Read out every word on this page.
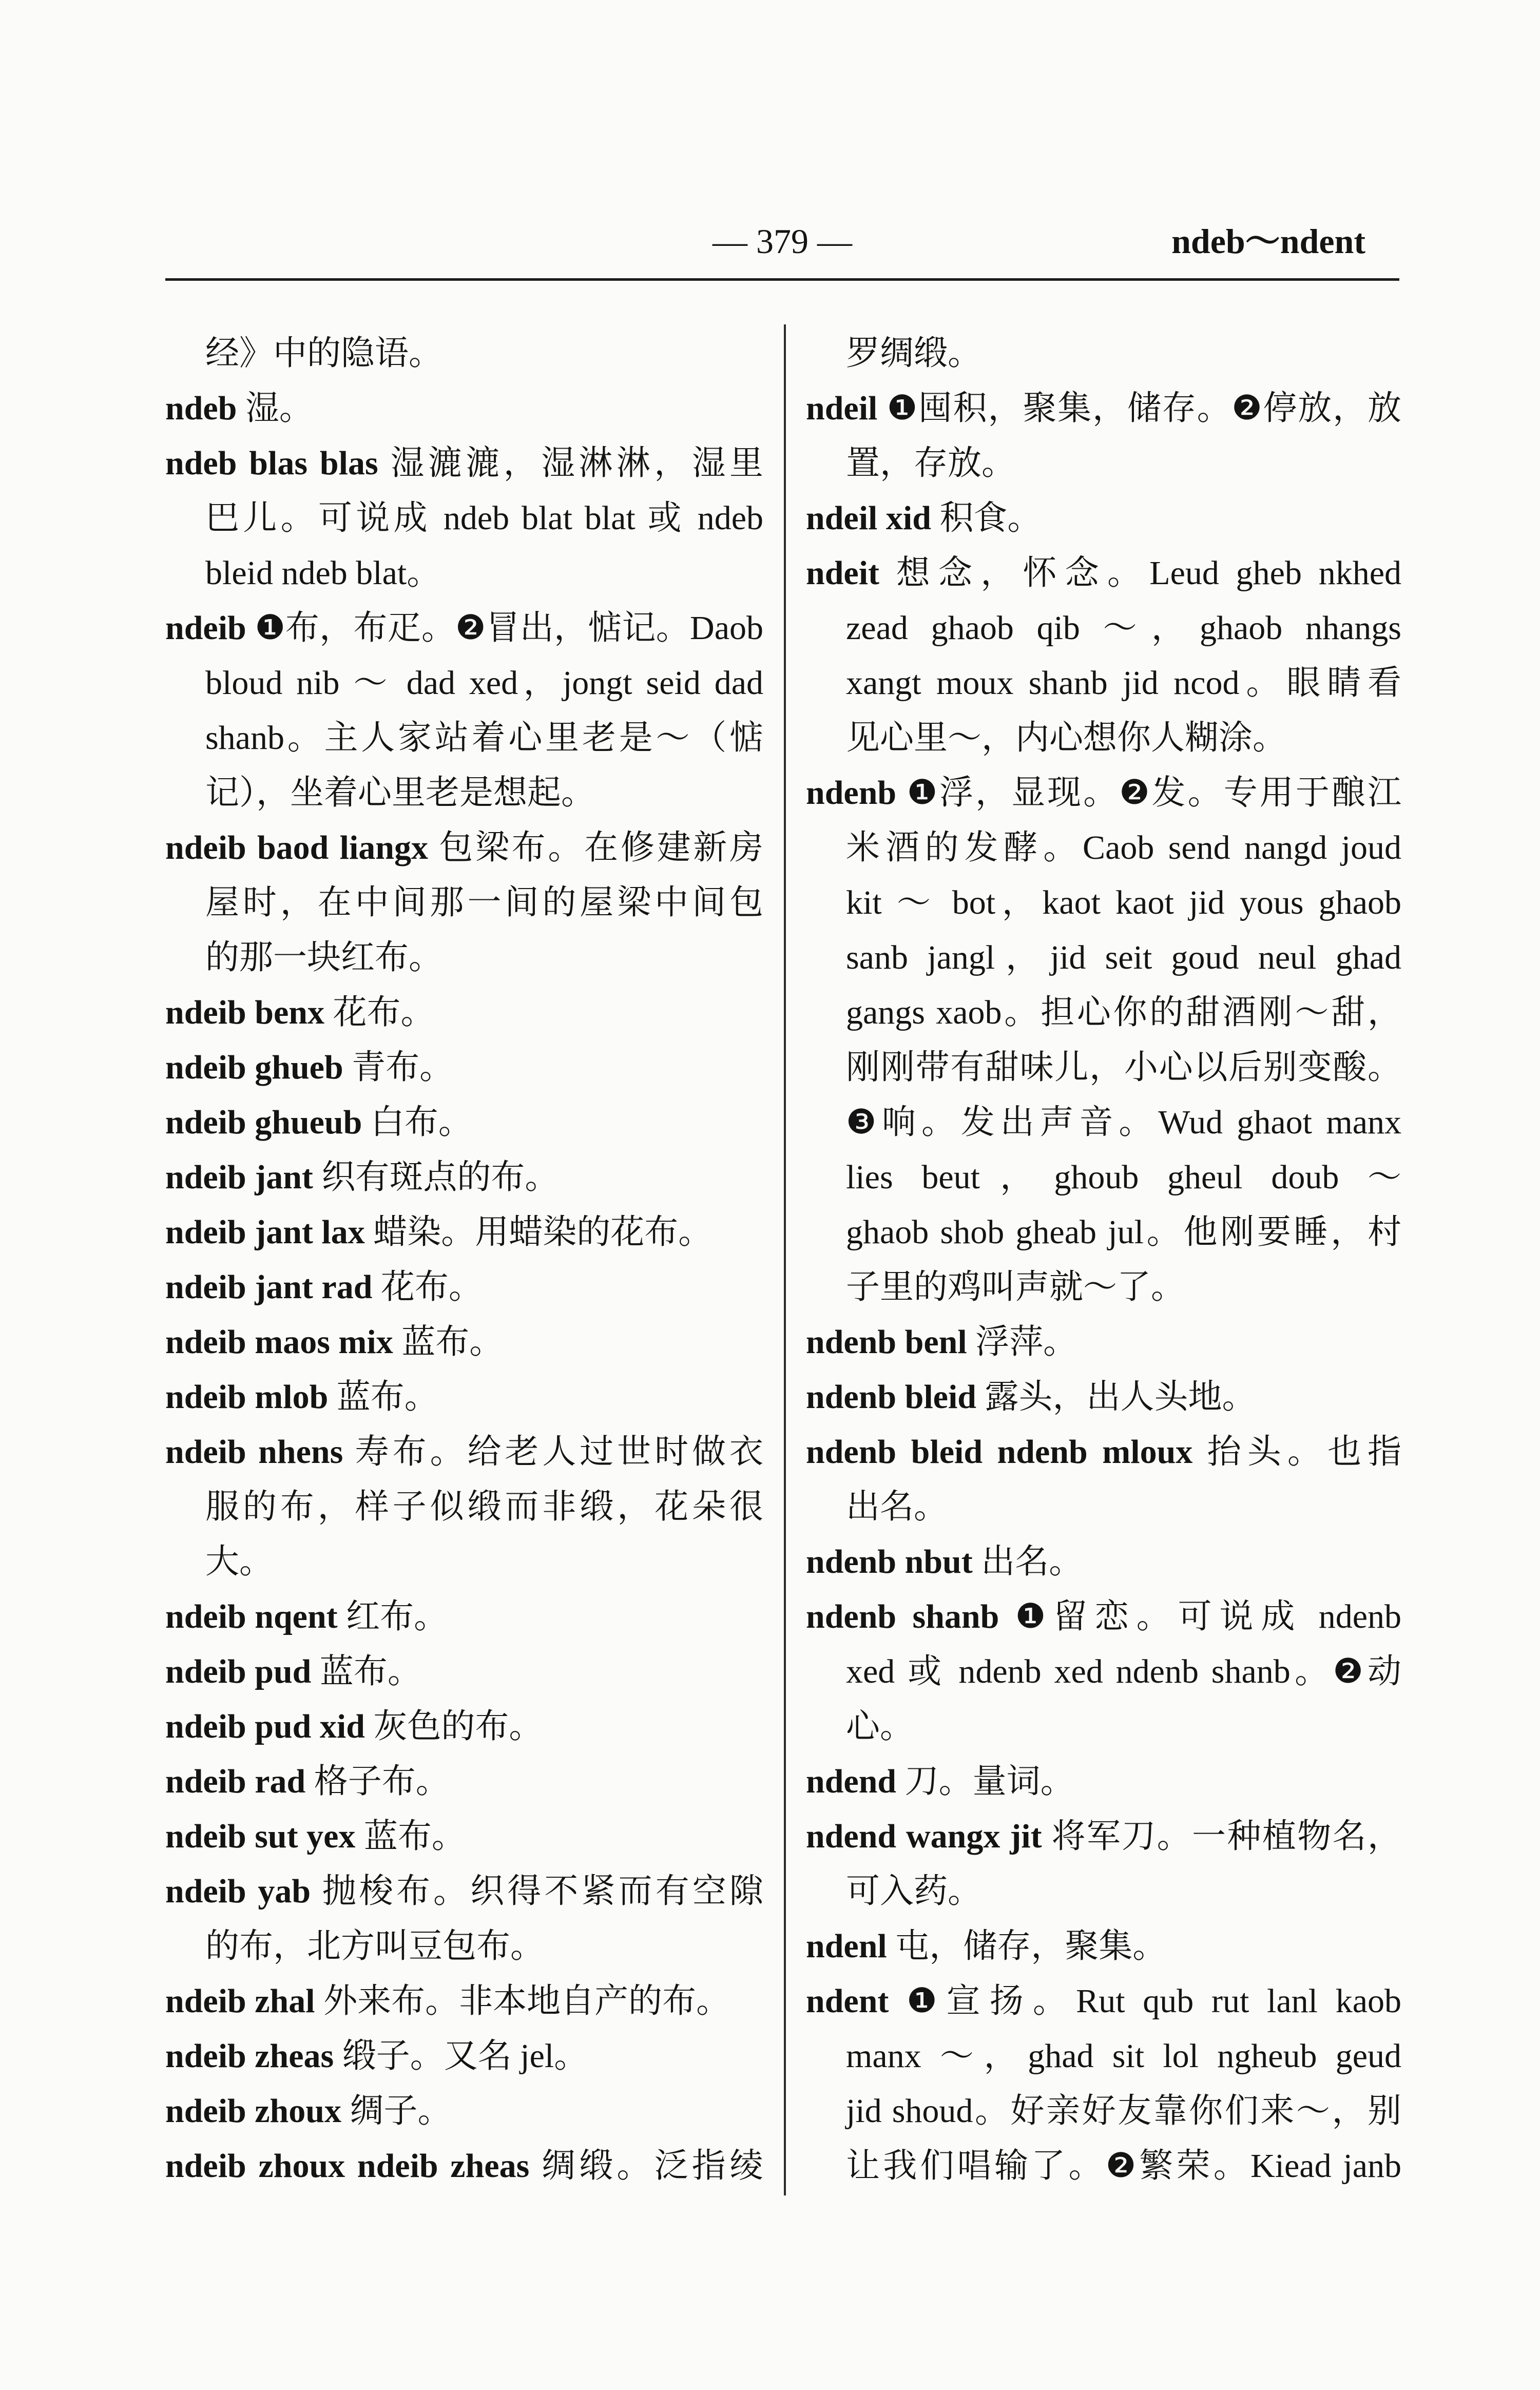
— 379 —	ndeb～ndent
经》中的隐语。
ndeb 湿。
ndeb blas blas 湿漉漉，湿淋淋，湿里
巴儿。可说成 ndeb blat blat 或 ndeb
bleid ndeb blat。
ndeib ❶布，布疋。❷冒出，惦记。Daob
bloud nib ～ dad xed，jongt seid dad
shanb。主人家站着心里老是～（惦
记），坐着心里老是想起。
ndeib baod liangx 包梁布。在修建新房
屋时，在中间那一间的屋梁中间包
的那一块红布。
ndeib benx 花布。
ndeib ghueb 青布。
ndeib ghueub 白布。
ndeib jant 织有斑点的布。
ndeib jant lax 蜡染。用蜡染的花布。
ndeib jant rad 花布。
ndeib maos mix 蓝布。
ndeib mlob 蓝布。
ndeib nhens 寿布。给老人过世时做衣
服的布，样子似缎而非缎，花朵很
大。
ndeib nqent 红布。
ndeib pud 蓝布。
ndeib pud xid 灰色的布。
ndeib rad 格子布。
ndeib sut yex 蓝布。
ndeib yab 抛梭布。织得不紧而有空隙
的布，北方叫豆包布。
ndeib zhal 外来布。非本地自产的布。
ndeib zheas 缎子。又名 jel。
ndeib zhoux 绸子。
ndeib zhoux ndeib zheas 绸缎。泛指绫
罗绸缎。
ndeil ❶囤积，聚集，储存。❷停放，放
置，存放。
ndeil xid 积食。
ndeit 想念，怀念。Leud gheb nkhed
zead ghaob qib ～，ghaob nhangs
xangt moux shanb jid ncod。眼睛看
见心里～，内心想你人糊涂。
ndenb ❶浮，显现。❷发。专用于酿江
米酒的发酵。Caob send nangd joud
kit ～ bot，kaot kaot jid yous ghaob
sanb jangl，jid seit goud neul ghad
gangs xaob。担心你的甜酒刚～甜，
刚刚带有甜味儿，小心以后别变酸。
❸响。发出声音。Wud ghaot manx
lies beut，ghoub gheul doub ～
ghaob shob gheab jul。他刚要睡，村
子里的鸡叫声就～了。
ndenb benl 浮萍。
ndenb bleid 露头，出人头地。
ndenb bleid ndenb mloux 抬头。也指
出名。
ndenb nbut 出名。
ndenb shanb ❶留恋。可说成 ndenb
xed 或 ndenb xed ndenb shanb。❷动
心。
ndend 刀。量词。
ndend wangx jit 将军刀。一种植物名，
可入药。
ndenl 屯，储存，聚集。
ndent ❶宣扬。Rut qub rut lanl kaob
manx ～，ghad sit lol ngheub geud
jid shoud。好亲好友靠你们来～，别
让我们唱输了。❷繁荣。Kiead janb
